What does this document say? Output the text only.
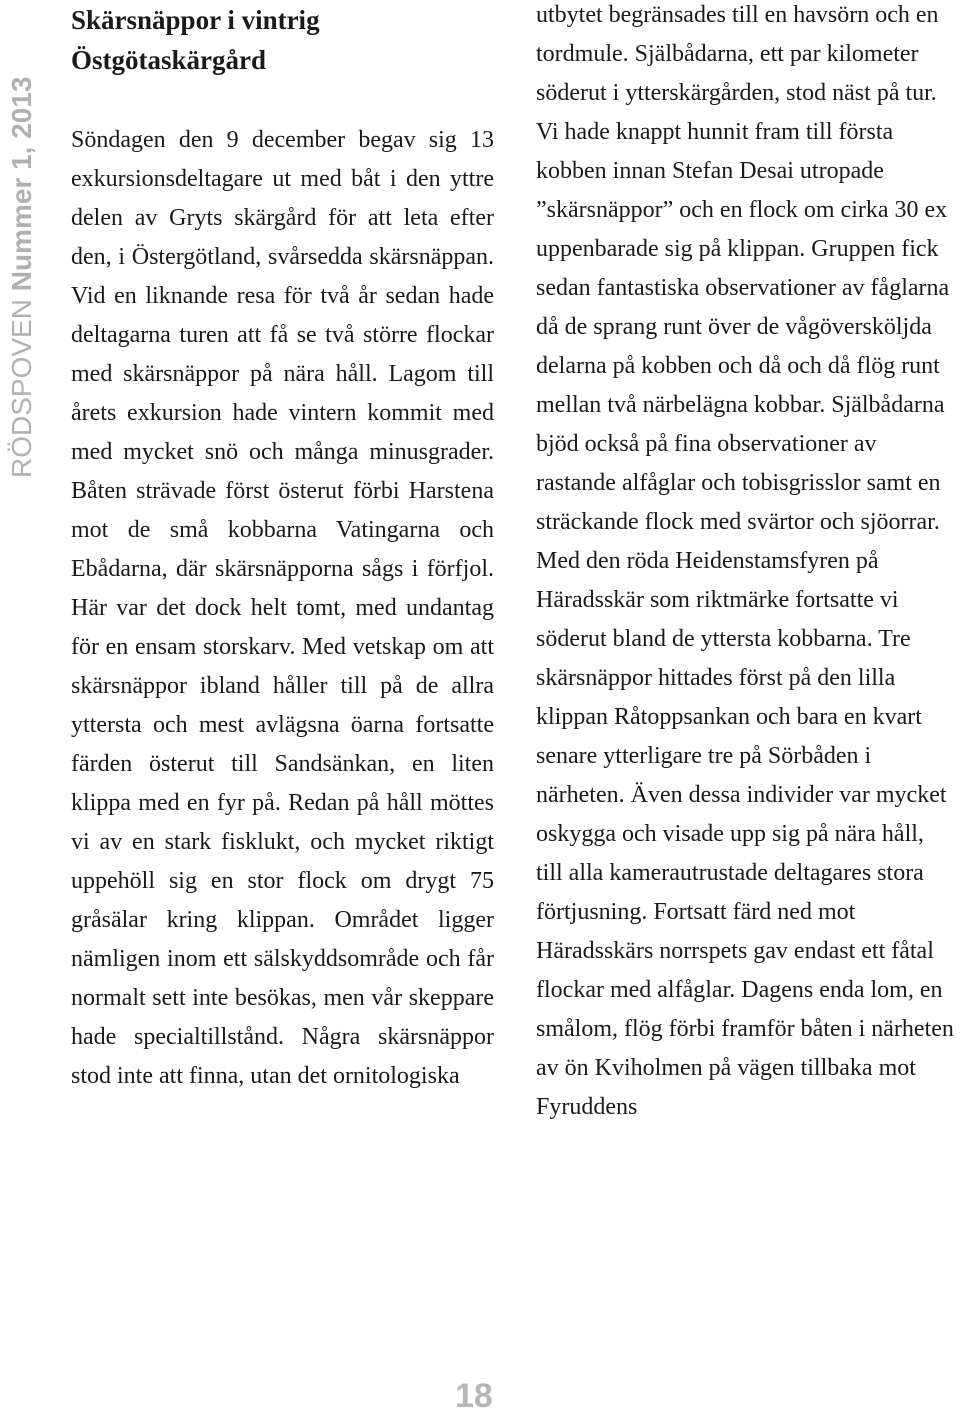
RÖDSPOVEN Nummer 1, 2013
Skärsnäppor i vintrig
Östgötaskärgård

Söndagen den 9 december begav sig 13 exkursionsdeltagare ut med båt i den yttre delen av Gryts skärgård för att leta efter den, i Östergötland, svårsedda skärsnäppan. Vid en liknande resa för två år sedan hade deltagarna turen att få se två större flockar med skärsnäppor på nära håll. Lagom till årets exkursion hade vintern kommit med med mycket snö och många minusgrader. Båten strävade först österut förbi Harstena mot de små kobbarna Vatingarna och Ebådarna, där skärsnäpporna sågs i förfjol. Här var det dock helt tomt, med undantag för en ensam storskarv. Med vetskap om att skärsnäppor ibland håller till på de allra yttersta och mest avlägsna öarna fortsatte färden österut till Sandsänkan, en liten klippa med en fyr på. Redan på håll möttes vi av en stark fisklukt, och mycket riktigt uppehöll sig en stor flock om drygt 75 gråsälar kring klippan. Området ligger nämligen inom ett sälskyddsområde och får normalt sett inte besökas, men vår skeppare hade specialtillstånd. Några skärsnäppor stod inte att finna, utan det ornitologiska

utbytet begränsades till en havsörn och en tordmule. Själbådarna, ett par kilometer söderut i ytterskärgården, stod näst på tur. Vi hade knappt hunnit fram till första kobben innan Stefan Desai utropade ”skärsnäppor” och en flock om cirka 30 ex uppenbarade sig på klippan. Gruppen fick sedan fantastiska observationer av fåglarna då de sprang runt över de vågöversköljda delarna på kobben och då och då flög runt mellan två närbelägna kobbar. Själbådarna bjöd också på fina observationer av rastande alfåglar och tobisgrisslor samt en sträckande flock med svärtor och sjöorrar. Med den röda Heidenstamsfyren på Häradsskär som riktmärke fortsatte vi söderut bland de yttersta kobbarna. Tre skärsnäppor hittades först på den lilla klippan Råtoppsankan och bara en kvart senare ytterligare tre på Sörbåden i närheten. Även dessa individer var mycket oskygga och visade upp sig på nära håll, till alla kamerautrustade deltagares stora förtjusning. Fortsatt färd ned mot Häradsskärs norrspets gav endast ett fåtal flockar med alfåglar. Dagens enda lom, en smålom, flög förbi framför båten i närheten av ön Kviholmen på vägen tillbaka mot Fyruddens

18
